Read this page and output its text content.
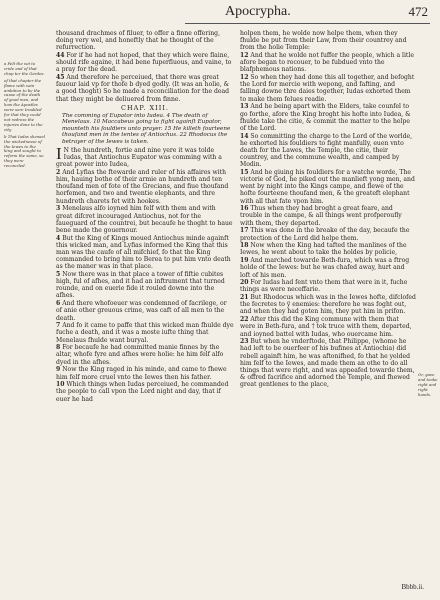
Apocrypha.	472

a Felt the vet to cride and of that chap ter the Gardes.

of that chapter the flame with vain ambition to be the cause of the death of good men, and how the Apostles were sore troubled for that they could not redress the injuries done to the city.

b That Iudas shewed the wickednesse of the Iewes to the king and sought to reform the same, so they were reconciled.

thousand drachmes of filuer, to offer a finne offering, doing very wel, and honeftly that he thought of the refurrection.

44 For if he had not hoped, that they which were flaine, should rife againe, it had bene fuperfluous, and vaine, to a pray for the dead.

45 And therefore he perceiued, that there was great fauour laid vp for thofe b dyed godly. (It was an holie, & a good thoght) So he made a reconciliation for the dead that they might be deliuered from finne.

CHAP. XIII.
The comming of Eupator into Iudea. 4 The death of Menelaus. 10 Maccabeus going to fight againſt Eupator, mounteth his ſouldiers unto prayer. 15 He killeth fourteene thouſand men in the tentes of Antiochus. 22 Rhodocus the betrayer of the Iewes is taken.

I N the hundreth, fortie and nine yere it was tolde Iudas, that Antiochus Eupator was comming with a great power into Iudea,

2 And Lyfias the ftewarde and ruler of his affaires with him, hauing bothe of their armie an hundreth and ten thoufand men of fote of the Grecians, and fiue thoufand horfemen, and two and twentie elephants, and thre hundreth charets fet with hookes.

3 Menelaus alfo ioyned him felf with them and with great difcret incouraged Antiochus, not for the faueguard of the countrei, but becaufe he thoght to haue bene made the gouernour.

4 But the King of Kings moued Antiochus minde againft this wicked man, and Lyfias informed the King that this man was the caufe of all mifchief, fo that the King commanded to bring him to Berea to put him vnto death as the maner was in that place.

5 Now there was in that place a tower of fiftie cubites high, ful of afhes, and it had an inftrument that turned rounde, and on euerie fide it rouled downe into the afhes.

6 And there whofoeuer was condemned of facrilege, or of anie other greuous crime, was caft of all men to the death.

7 And fo it came to paffe that this wicked man fhulde dye fuche a death, and it was a moste iufte thing that Menelaus fhulde want buryal.

8 For becaufe he had committed manie finnes by the altar, whofe fyre and afhes were holie: he him felf alfo dyed in the afhes.

9 Now the King raged in his minde, and came to fhewe him felf more cruel vnto the Iewes then his father.

10 Which things when Iudas perceiued, he commanded the people to call vpon the Lord night and day, that if euer he had

holpen them, he wolde now helpe them, when they fhulde be put from their Law, from their countrey and from the holie Temple:

12 And that he wolde not fuffer the people, which a litle afore began to recouer, to be fubdued vnto the blafphemous nations.

12 So when they had done this all together, and befoght the Lord for mercie with wepong, and fafting, and falling downe thre daies together, Iudas exhorted them to make them felues readie.

13 And he being apart with the Elders, take counfel to go forthe, afore the King broght his hofte into Iudea, & fhulde take the citie, & commit the matter to the helpe of the Lord.

14 So committing the charge to the Lord of the worlde, he exhorted his fouldiers to fight manfully, euen vnto death for the Lawes, the Temple, the citie, their countrey, and the commune wealth, and camped by Modin.

15 And he giuing his fouldiers for a watche worde, The victorie of God, he piked out the manlieft yong men, and went by night into the Kings campe, and flewe of the hofte fourteene thoufand men, & the greateft elephant with all that fate vpon him.

16 Thus when they had broght a great feare, and trouble in the campe, & all things went profperoufly with them, they departed.

17 This was done in the breake of the day, becaufe the protection of the Lord did helpe them.

18 Now when the King had tafted the manlines of the Iewes, he went about to take the holdes by policie,

19 And marched towarde Beth-fura, which was a ftrog holde of the Iewes: but he was chafed away, hurt and loft of his men.

20 For Iudas had fent vnto them that were in it, fuche things as were neceffarie.

21 But Rhodocus which was in the Iewes hofte, difclofed the fecretes to ÿ enemies: therefore he was foght out, and when they had goten him, they put him in prifon.

22 After this did the King commune with them that were in Beth-fura, and † tok truce with them, departed, and ioyned battel with Iudas, who ouercame him.

23 But when he vnderftode, that Philippe, (whome he had left to be ouerfeer of his bufines at Antiochia) did rebell againft him, he was aftonifhed, fo that he yelded him felf to the Iewes, and made them an othe to do all things that were right, and was appeafed towarde them, & offred facrifice and adorned the Temple, and fhewed great gentlenes to the place,

Or, gave and tooke right and right hands.
Bbbb.ii.
